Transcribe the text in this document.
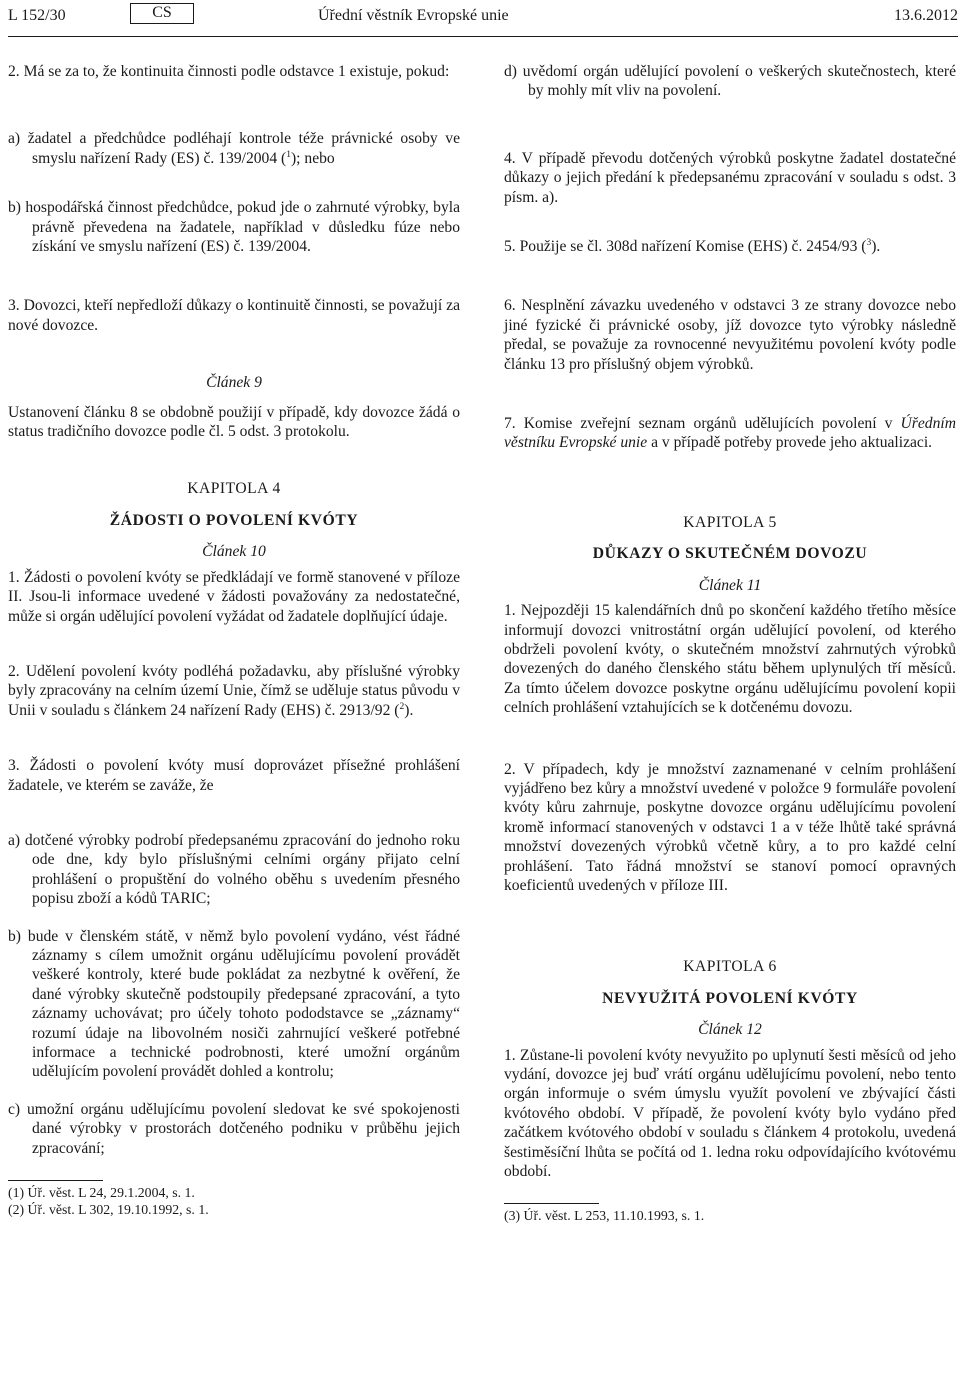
L 152/30	CS	Úřední věstník Evropské unie	13.6.2012

2. Má se za to, že kontinuita činnosti podle odstavce 1 existuje, pokud:

a) žadatel a předchůdce podléhají kontrole téže právnické osoby ve smyslu nařízení Rady (ES) č. 139/2004 ($^1$); nebo

b) hospodářská činnost předchůdce, pokud jde o zahrnuté výrobky, byla právně převedena na žadatele, například v důsledku fúze nebo získání ve smyslu nařízení (ES) č. 139/2004.

3. Dovozci, kteří nepředloží důkazy o kontinuitě činnosti, se považují za nové dovozce.

Článek 9

Ustanovení článku 8 se obdobně použijí v případě, kdy dovozce žádá o status tradičního dovozce podle čl. 5 odst. 3 protokolu.

KAPITOLA 4

ŽÁDOSTI O POVOLENÍ KVÓTY

Článek 10

1. Žádosti o povolení kvóty se předkládají ve formě stanovené v příloze II. Jsou-li informace uvedené v žádosti považovány za nedostatečné, může si orgán udělující povolení vyžádat od žadatele doplňující údaje.

2. Udělení povolení kvóty podléhá požadavku, aby příslušné výrobky byly zpracovány na celním území Unie, čímž se uděluje status původu v Unii v souladu s článkem 24 nařízení Rady (EHS) č. 2913/92 ($^2$).

3. Žádosti o povolení kvóty musí doprovázet přísežné prohlášení žadatele, ve kterém se zaváže, že

a) dotčené výrobky podrobí předepsanému zpracování do jednoho roku ode dne, kdy bylo příslušnými celními orgány přijato celní prohlášení o propuštění do volného oběhu s uvedením přesného popisu zboží a kódů TARIC;

b) bude v členském státě, v němž bylo povolení vydáno, vést řádné záznamy s cílem umožnit orgánu udělujícímu povolení provádět veškeré kontroly, které bude pokládat za nezbytné k ověření, že dané výrobky skutečně podstoupily předepsané zpracování, a tyto záznamy uchovávat; pro účely tohoto pododstavce se „záznamy“ rozumí údaje na libovolném nosiči zahrnující veškeré potřebné informace a technické podrobnosti, které umožní orgánům udělujícím povolení provádět dohled a kontrolu;

c) umožní orgánu udělujícímu povolení sledovat ke své spokojenosti dané výrobky v prostorách dotčeného podniku v průběhu jejich zpracování;

(1) Úř. věst. L 24, 29.1.2004, s. 1.

(2) Úř. věst. L 302, 19.10.1992, s. 1.

d) uvědomí orgán udělující povolení o veškerých skutečnostech, které by mohly mít vliv na povolení.

4. V případě převodu dotčených výrobků poskytne žadatel dostatečné důkazy o jejich předání k předepsanému zpracování v souladu s odst. 3 písm. a).

5. Použije se čl. 308d nařízení Komise (EHS) č. 2454/93 ($^3$).

6. Nesplnění závazku uvedeného v odstavci 3 ze strany dovozce nebo jiné fyzické či právnické osoby, jíž dovozce tyto výrobky následně předal, se považuje za rovnocenné nevyužitému povolení kvóty podle článku 13 pro příslušný objem výrobků.

7. Komise zveřejní seznam orgánů udělujících povolení v Úředním věstníku Evropské unie a v případě potřeby provede jeho aktualizaci.

KAPITOLA 5

DŮKAZY O SKUTEČNÉM DOVOZU

Článek 11

1. Nejpozději 15 kalendářních dnů po skončení každého třetího měsíce informují dovozci vnitrostátní orgán udělující povolení, od kterého obdrželi povolení kvóty, o skutečném množství zahrnutých výrobků dovezených do daného členského státu během uplynulých tří měsíců. Za tímto účelem dovozce poskytne orgánu udělujícímu povolení kopii celních prohlášení vztahujících se k dotčenému dovozu.

2. V případech, kdy je množství zaznamenané v celním prohlášení vyjádřeno bez kůry a množství uvedené v položce 9 formuláře povolení kvóty kůru zahrnuje, poskytne dovozce orgánu udělujícímu povolení kromě informací stanovených v odstavci 1 a v téže lhůtě také správná množství dovezených výrobků včetně kůry, a to pro každé celní prohlášení. Tato řádná množství se stanoví pomocí opravných koeficientů uvedených v příloze III.

KAPITOLA 6

NEVYUŽITÁ POVOLENÍ KVÓTY

Článek 12

1. Zůstane-li povolení kvóty nevyužito po uplynutí šesti měsíců od jeho vydání, dovozce jej buď vrátí orgánu udělujícímu povolení, nebo tento orgán informuje o svém úmyslu využít povolení ve zbývající části kvótového období. V případě, že povolení kvóty bylo vydáno před začátkem kvótového období v souladu s článkem 4 protokolu, uvedená šestiměsíční lhůta se počítá od 1. ledna roku odpovídajícího kvótovému období.

(3) Úř. věst. L 253, 11.10.1993, s. 1.
